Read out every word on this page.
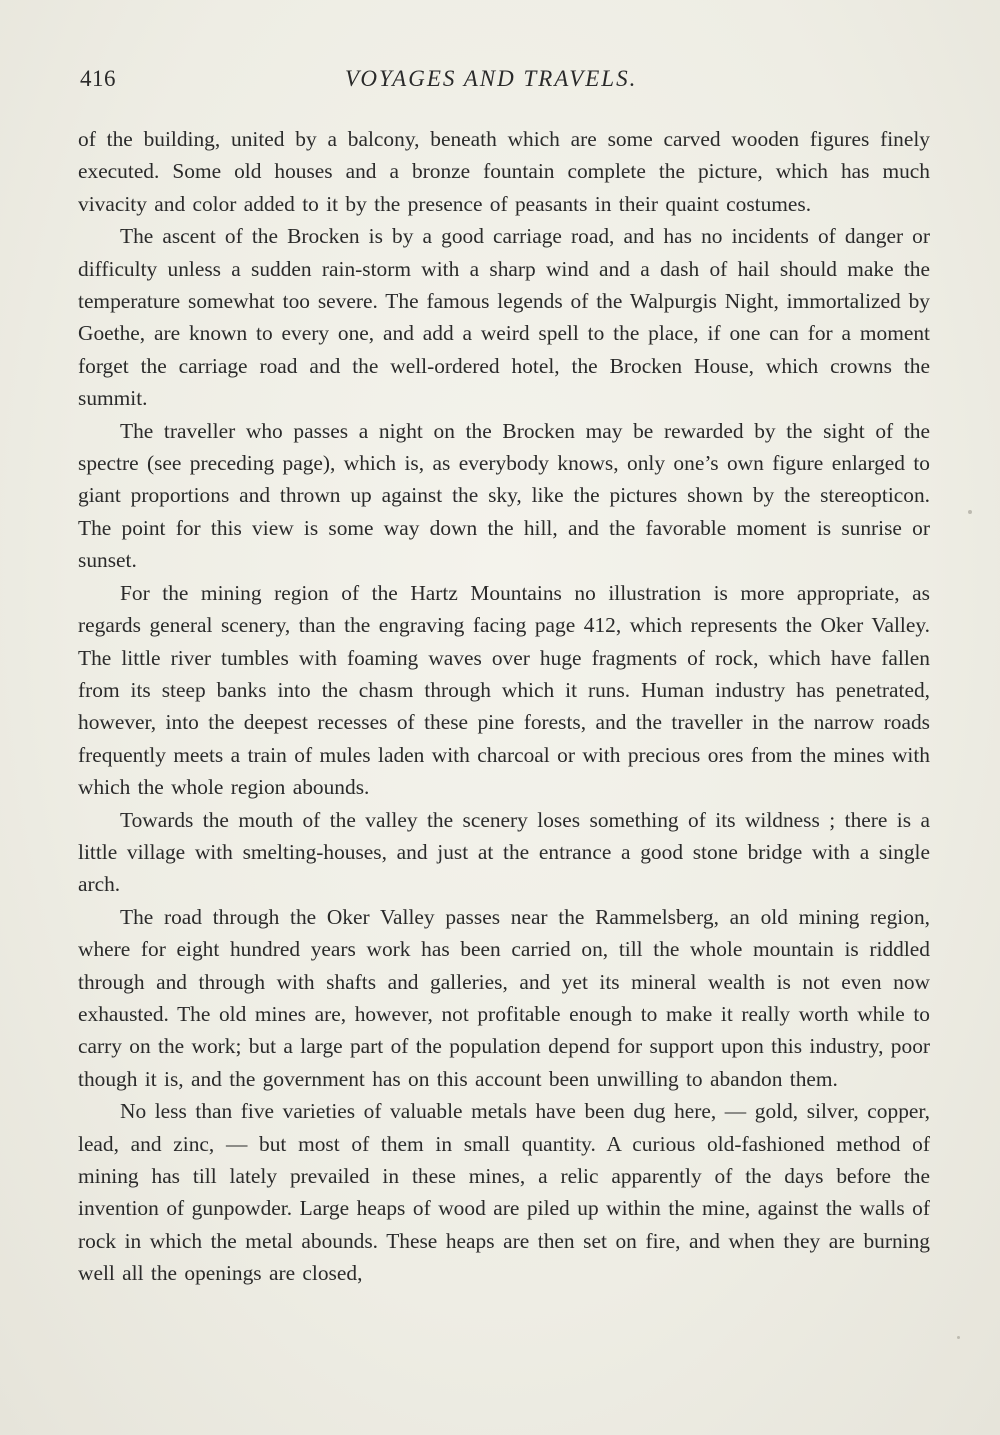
416	VOYAGES AND TRAVELS.

of the building, united by a balcony, beneath which are some carved wooden figures finely executed. Some old houses and a bronze fountain complete the picture, which has much vivacity and color added to it by the presence of peasants in their quaint costumes.

The ascent of the Brocken is by a good carriage road, and has no incidents of danger or difficulty unless a sudden rain-storm with a sharp wind and a dash of hail should make the temperature somewhat too severe. The famous legends of the Walpurgis Night, immortalized by Goethe, are known to every one, and add a weird spell to the place, if one can for a moment forget the carriage road and the well-ordered hotel, the Brocken House, which crowns the summit.

The traveller who passes a night on the Brocken may be rewarded by the sight of the spectre (see preceding page), which is, as everybody knows, only one’s own figure enlarged to giant proportions and thrown up against the sky, like the pictures shown by the stereopticon. The point for this view is some way down the hill, and the favorable moment is sunrise or sunset.

For the mining region of the Hartz Mountains no illustration is more appropriate, as regards general scenery, than the engraving facing page 412, which represents the Oker Valley. The little river tumbles with foaming waves over huge fragments of rock, which have fallen from its steep banks into the chasm through which it runs. Human industry has penetrated, however, into the deepest recesses of these pine forests, and the traveller in the narrow roads frequently meets a train of mules laden with charcoal or with precious ores from the mines with which the whole region abounds.

Towards the mouth of the valley the scenery loses something of its wildness ; there is a little village with smelting-houses, and just at the entrance a good stone bridge with a single arch.

The road through the Oker Valley passes near the Rammelsberg, an old mining region, where for eight hundred years work has been carried on, till the whole mountain is riddled through and through with shafts and galleries, and yet its mineral wealth is not even now exhausted. The old mines are, however, not profitable enough to make it really worth while to carry on the work; but a large part of the population depend for support upon this industry, poor though it is, and the government has on this account been unwilling to abandon them.

No less than five varieties of valuable metals have been dug here, — gold, silver, copper, lead, and zinc, — but most of them in small quantity. A curious old-fashioned method of mining has till lately prevailed in these mines, a relic apparently of the days before the invention of gunpowder. Large heaps of wood are piled up within the mine, against the walls of rock in which the metal abounds. These heaps are then set on fire, and when they are burning well all the openings are closed,
